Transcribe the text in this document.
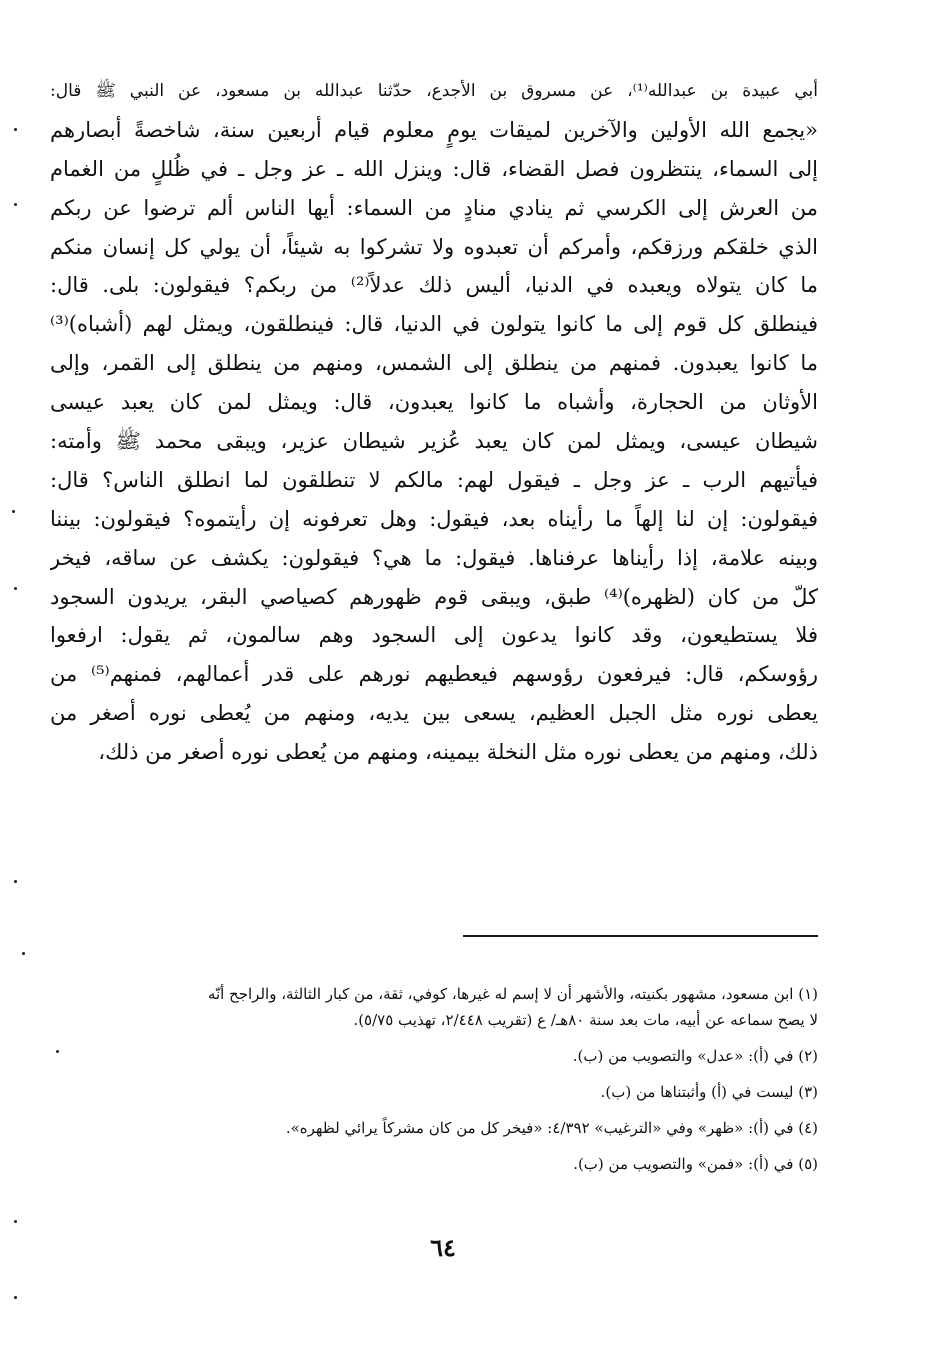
أبي عبيدة بن عبدالله⁽¹⁾، عن مسروق بن الأجدع، حدّثنا عبدالله بن مسعود، عن النبي ﷺ قال:
«يجمع الله الأولين والآخرين لميقات يومٍ معلوم قيام أربعين سنة، شاخصةً أبصارهم
إلى السماء، ينتظرون فصل القضاء، قال: وينزل الله ـ عز وجل ـ في ظُللٍ من الغمام
من العرش إلى الكرسي ثم ينادي منادٍ من السماء: أيها الناس ألم ترضوا عن ربكم
الذي خلقكم ورزقكم، وأمركم أن تعبدوه ولا تشركوا به شيئاً، أن يولي كل إنسان منكم
ما كان يتولاه ويعبده في الدنيا، أليس ذلك عدلاً⁽²⁾ من ربكم؟ فيقولون: بلى. قال:
فينطلق كل قوم إلى ما كانوا يتولون في الدنيا، قال: فينطلقون، ويمثل لهم (أشباه)⁽³⁾
ما كانوا يعبدون. فمنهم من ينطلق إلى الشمس، ومنهم من ينطلق إلى القمر، وإلى
الأوثان من الحجارة، وأشباه ما كانوا يعبدون، قال: ويمثل لمن كان يعبد عيسى
شيطان عيسى، ويمثل لمن كان يعبد عُزير شيطان عزير، ويبقى محمد ﷺ وأمته:
فيأتيهم الرب ـ عز وجل ـ فيقول لهم: مالكم لا تنطلقون لما انطلق الناس؟ قال:
فيقولون: إن لنا إلهاً ما رأيناه بعد، فيقول: وهل تعرفونه إن رأيتموه؟ فيقولون: بيننا
وبينه علامة، إذا رأيناها عرفناها. فيقول: ما هي؟ فيقولون: يكشف عن ساقه، فيخر
كلّ من كان (لظهره)⁽⁴⁾ طبق، ويبقى قوم ظهورهم كصياصي البقر، يريدون السجود
فلا يستطيعون، وقد كانوا يدعون إلى السجود وهم سالمون، ثم يقول: ارفعوا
رؤوسكم، قال: فيرفعون رؤوسهم فيعطيهم نورهم على قدر أعمالهم، فمنهم⁽⁵⁾ من
يعطى نوره مثل الجبل العظيم، يسعى بين يديه، ومنهم من يُعطى نوره أصغر من
ذلك، ومنهم من يعطى نوره مثل النخلة بيمينه، ومنهم من يُعطى نوره أصغر من ذلك،
(١) ابن مسعود، مشهور بكنيته، والأشهر أن لا إسم له غيرها، كوفي، ثقة، من كبار الثالثة، والراجح أنّه
لا يصح سماعه عن أبيه، مات بعد سنة ٨٠هـ/ ع (تقريب ٢/٤٤٨، تهذيب ٥/٧٥).
(٢) في (أ): «عدل» والتصويب من (ب).
(٣) ليست في (أ) وأثبتناها من (ب).
(٤) في (أ): «ظهر» وفي «الترغيب» ٤/٣٩٢: «فيخر كل من كان مشركاً يرائي لظهره».
(٥) في (أ): «فمن» والتصويب من (ب).
٦٤
